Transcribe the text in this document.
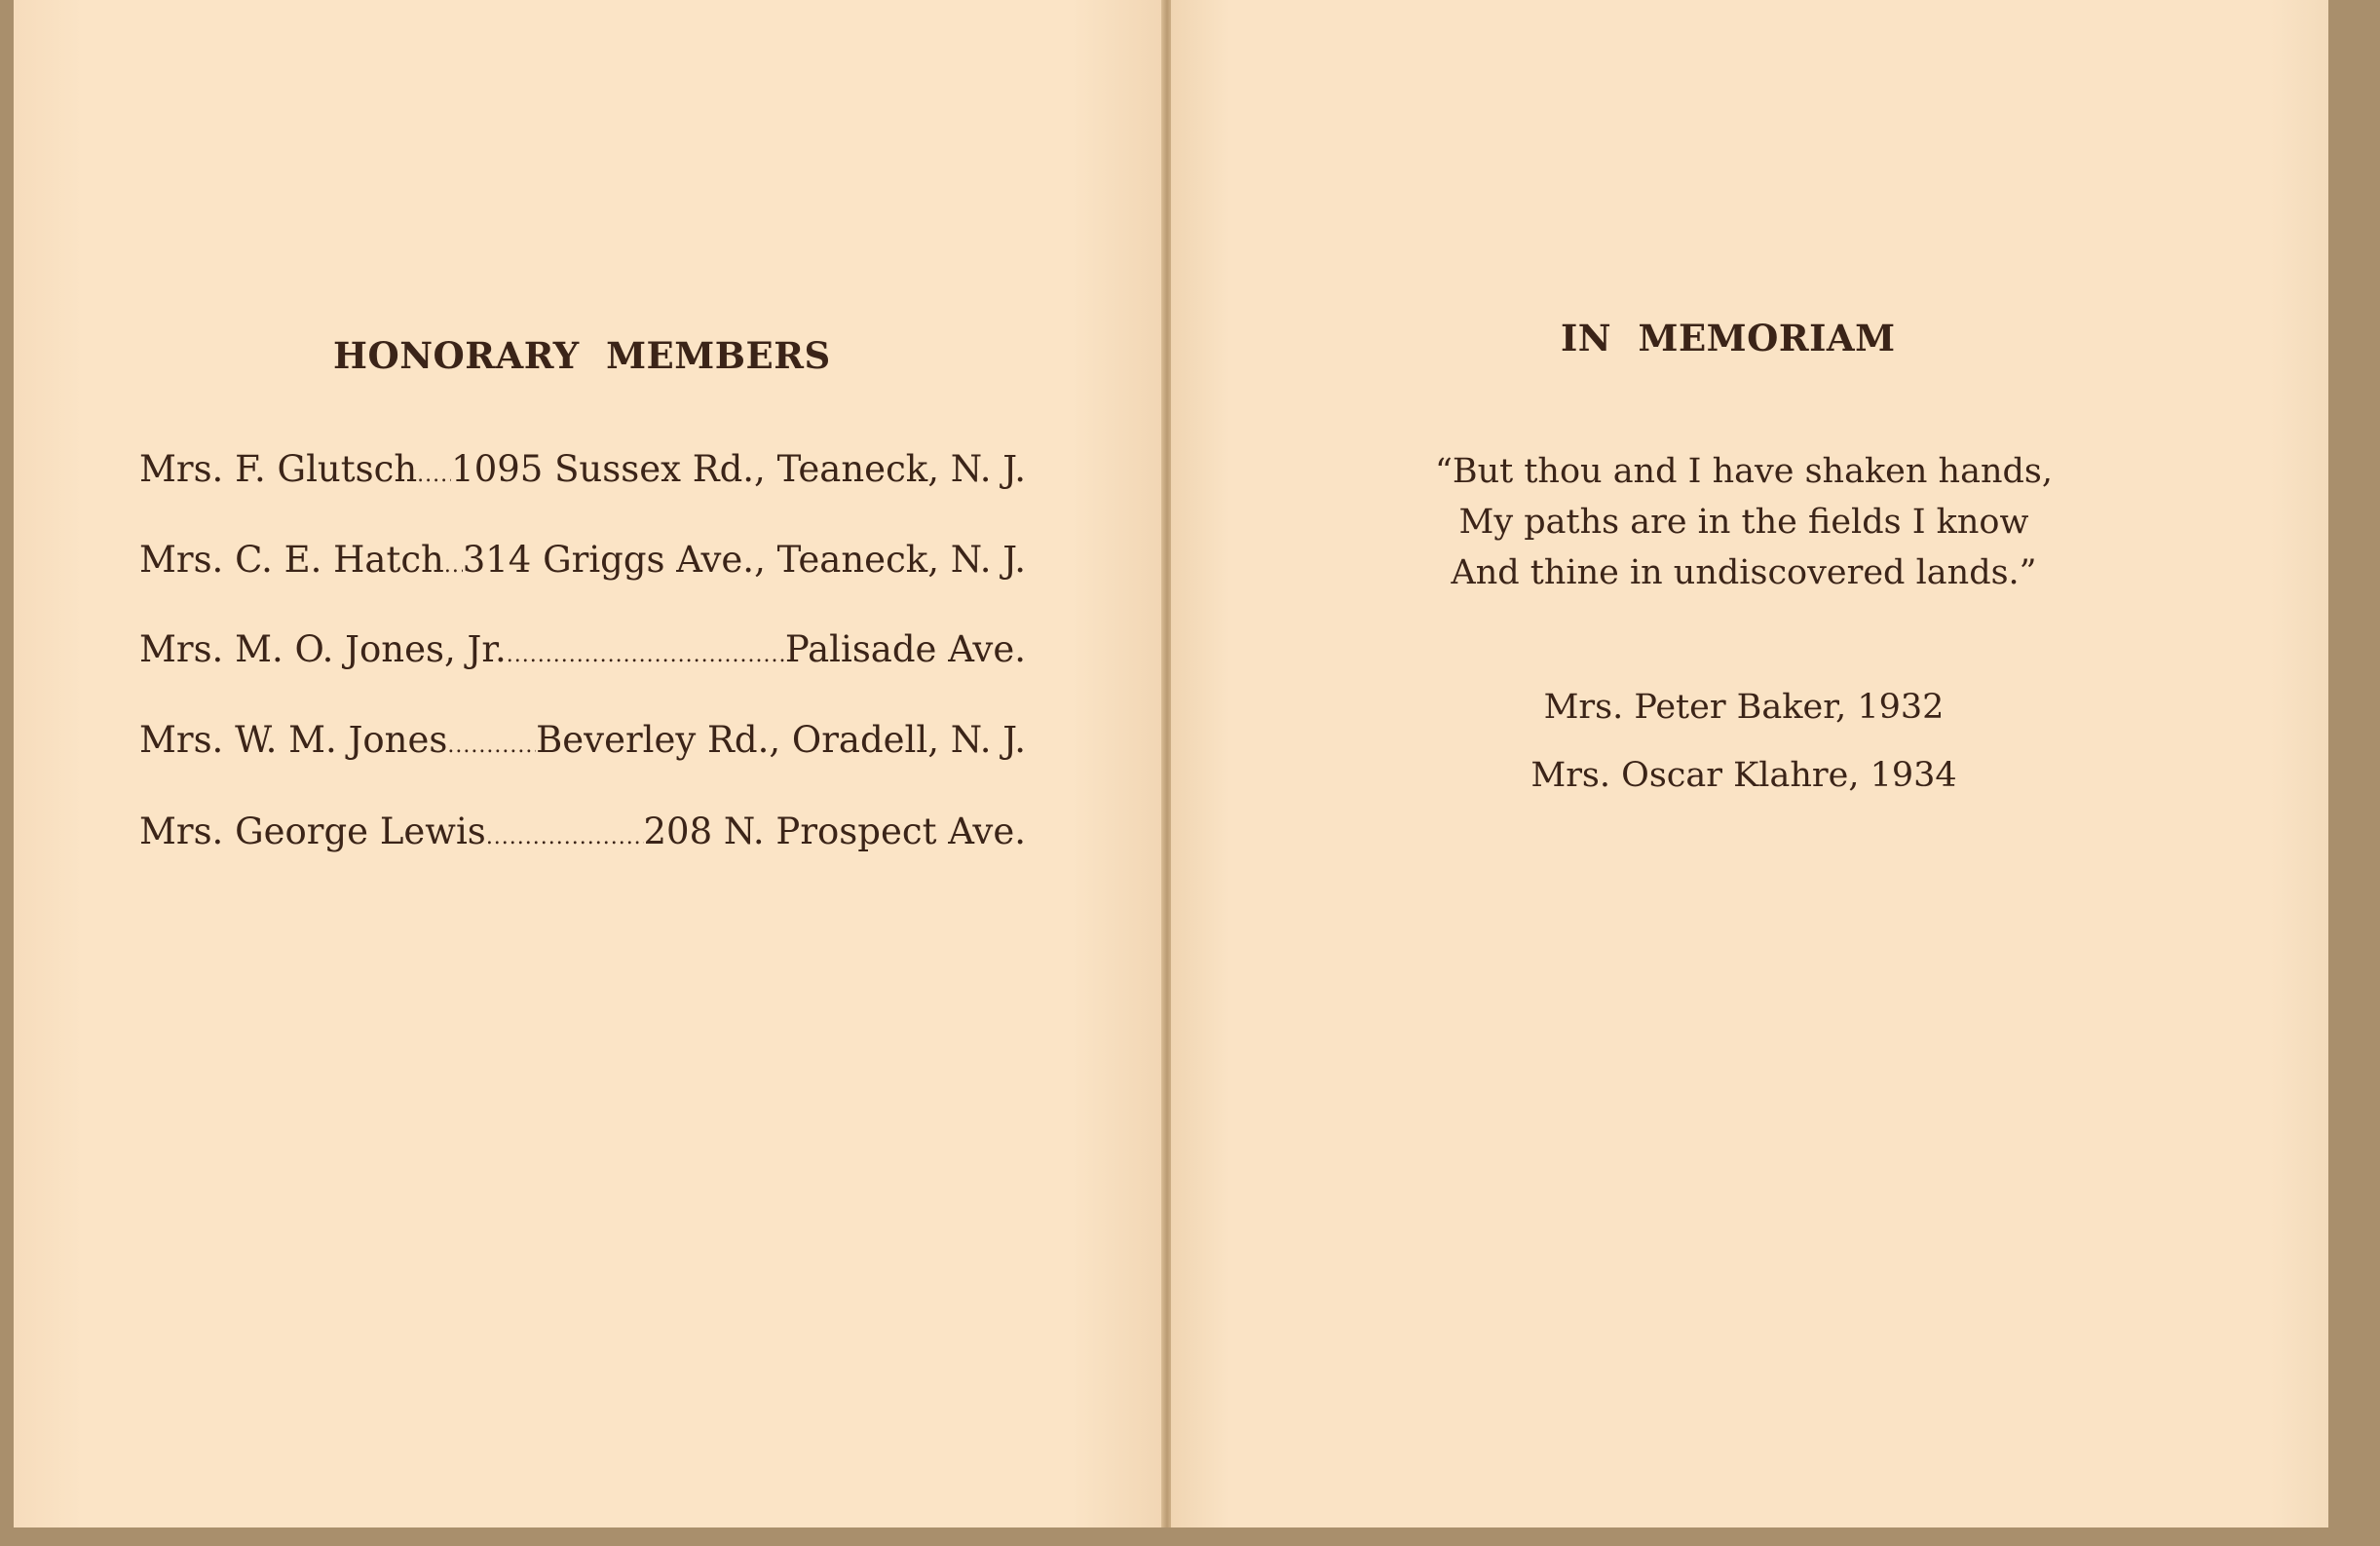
HONORARY MEMBERS
Mrs. F. Glutsch ..... 1095 Sussex Rd., Teaneck, N. J.
Mrs. C. E. Hatch ..... 314 Griggs Ave., Teaneck, N. J.
Mrs. M. O. Jones, Jr. .....	Palisade Ave.
Mrs. W. M. Jones ..... Beverley Rd., Oradell, N. J.
Mrs. George Lewis .....	208 N. Prospect Ave.
IN MEMORIAM
“But thou and I have shaken hands,
My paths are in the fields I know
And thine in undiscovered lands.”
Mrs. Peter Baker, 1932
Mrs. Oscar Klahre, 1934
